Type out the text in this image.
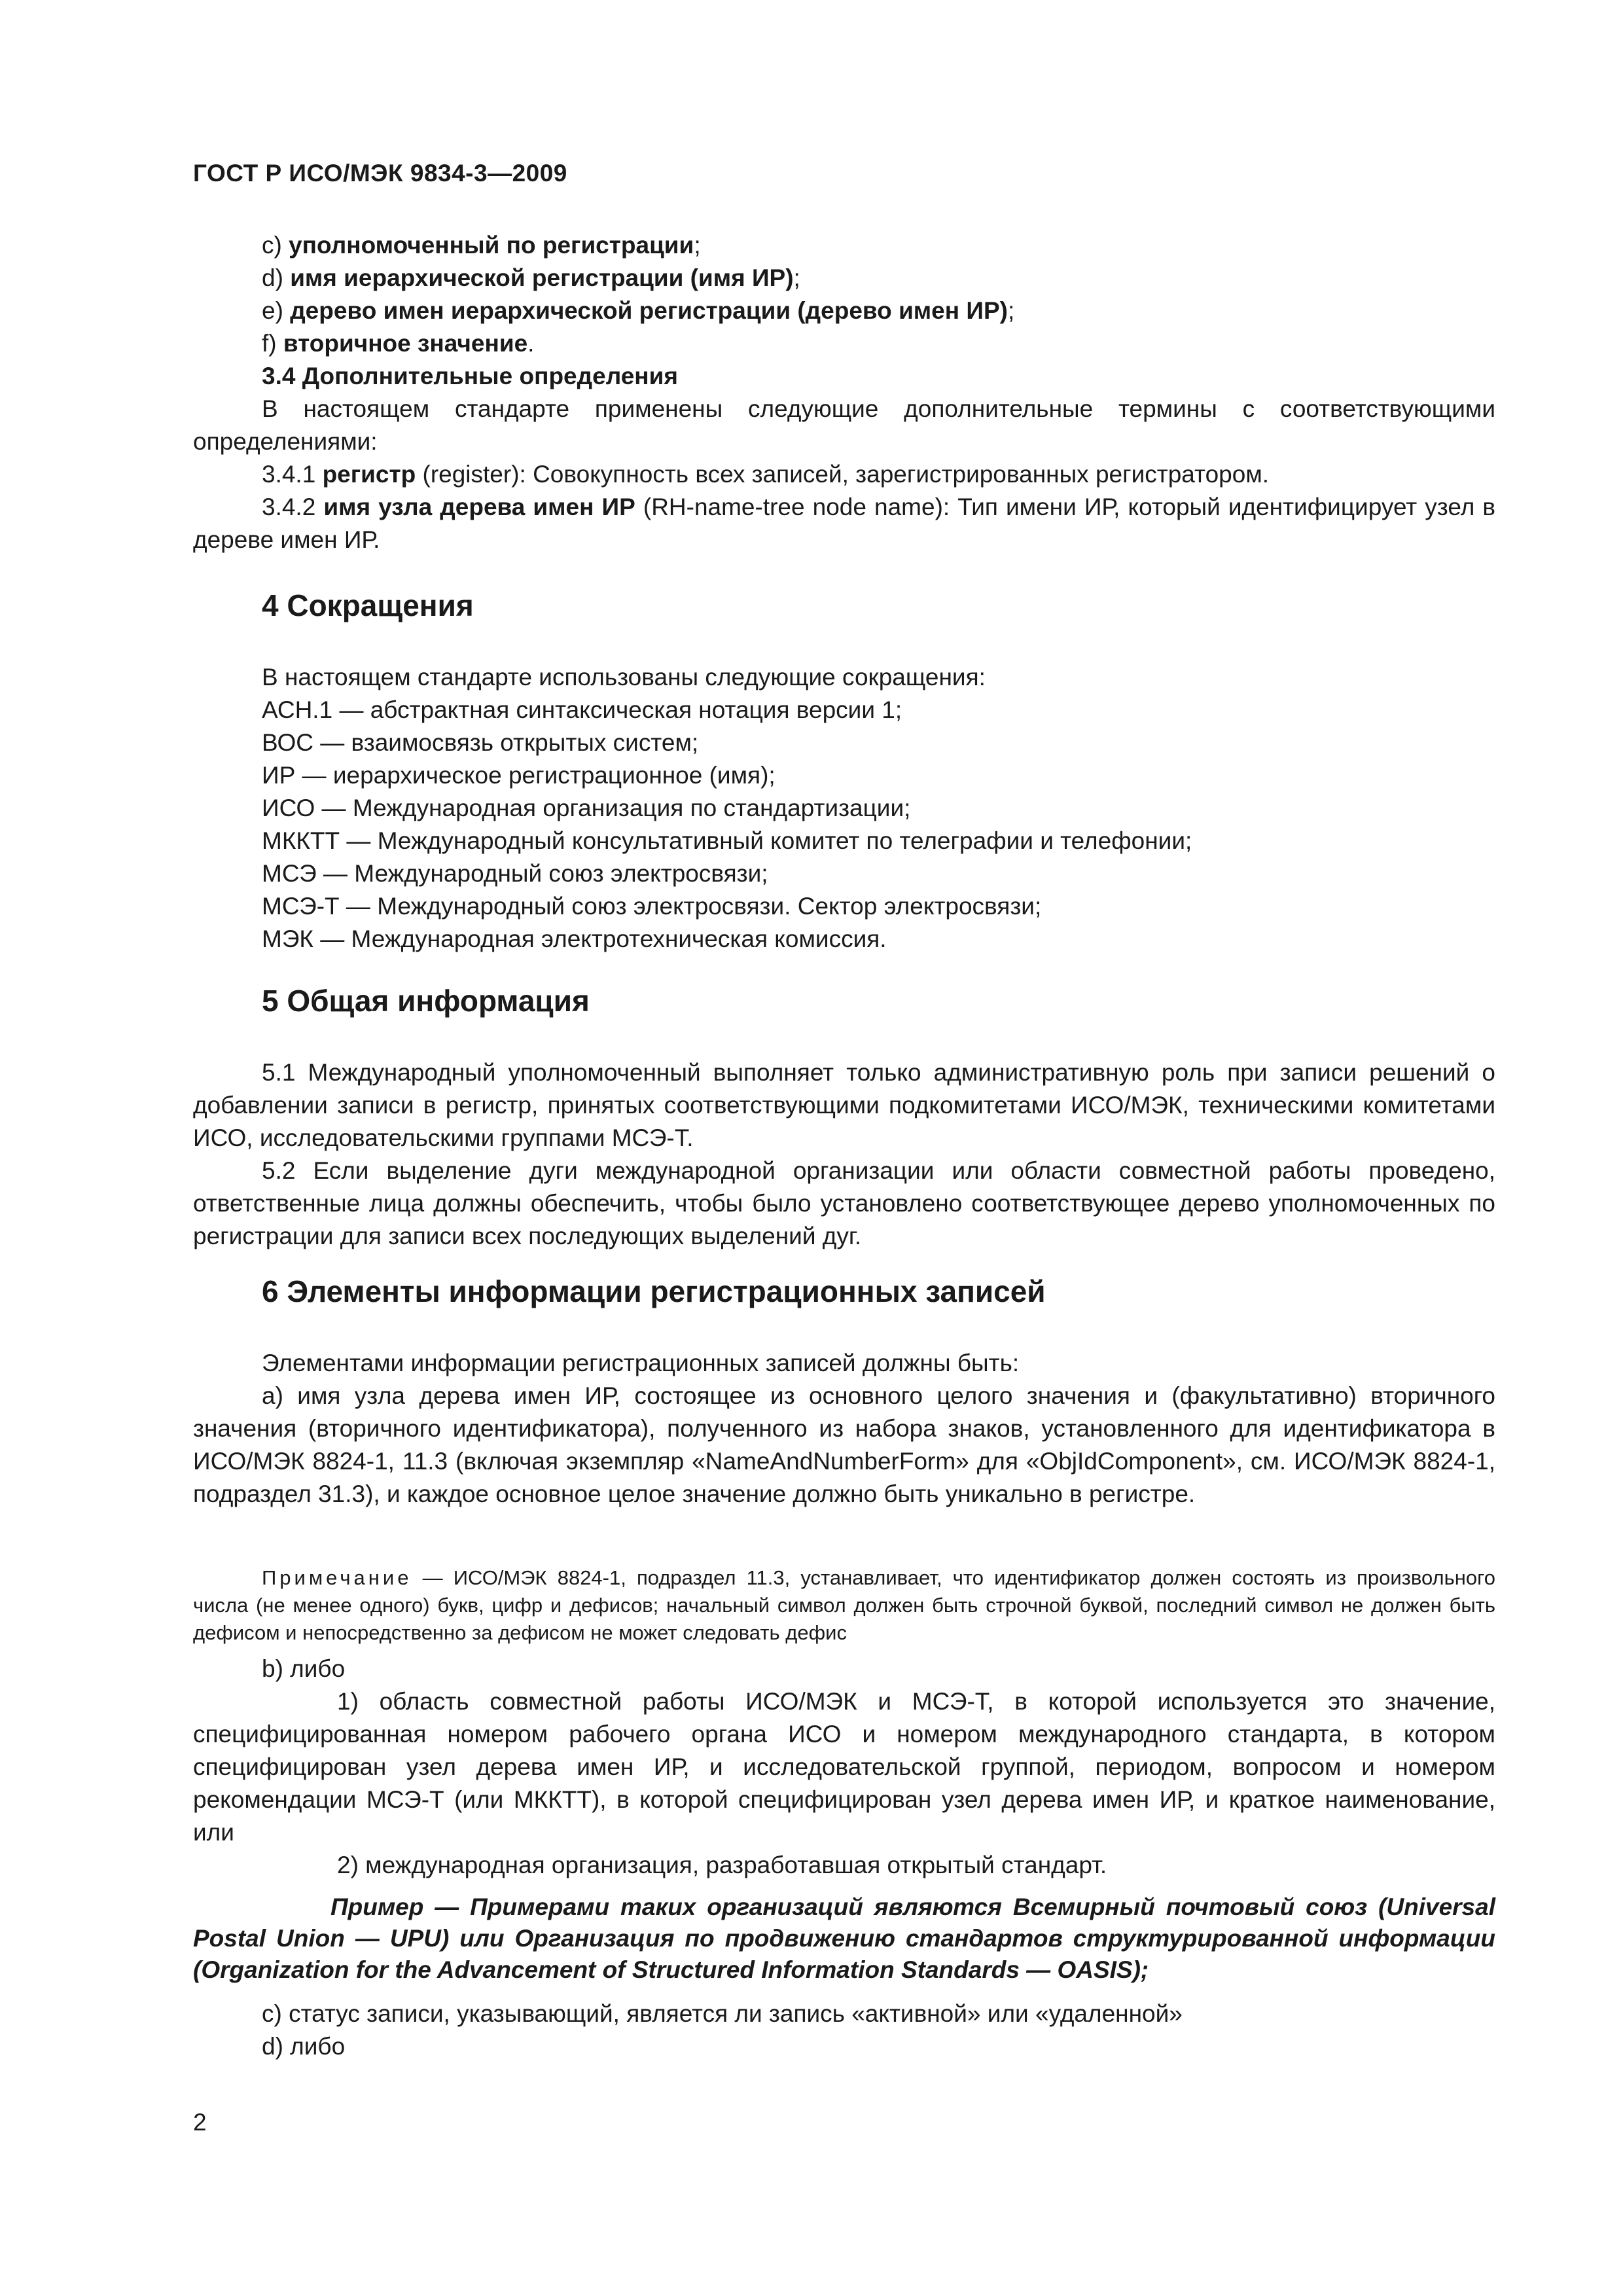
ГОСТ Р ИСО/МЭК 9834-3—2009

c) уполномоченный по регистрации;

d) имя иерархической регистрации (имя ИР);

e) дерево имен иерархической регистрации (дерево имен ИР);

f) вторичное значение.

3.4 Дополнительные определения

В настоящем стандарте применены следующие дополнительные термины с соответствующими определениями:

3.4.1 регистр (register): Совокупность всех записей, зарегистрированных регистратором.

3.4.2 имя узла дерева имен ИР (RH-name-tree node name): Тип имени ИР, который идентифицирует узел в дереве имен ИР.

4 Сокращения

В настоящем стандарте использованы следующие сокращения:

АСН.1 — абстрактная синтаксическая нотация версии 1;

ВОС — взаимосвязь открытых систем;

ИР — иерархическое регистрационное (имя);

ИСО — Международная организация по стандартизации;

МККТТ — Международный консультативный комитет по телеграфии и телефонии;

МСЭ — Международный союз электросвязи;

МСЭ-Т — Международный союз электросвязи. Сектор электросвязи;

МЭК — Международная электротехническая комиссия.

5 Общая информация

5.1 Международный уполномоченный выполняет только административную роль при записи решений о добавлении записи в регистр, принятых соответствующими подкомитетами ИСО/МЭК, техническими комитетами ИСО, исследовательскими группами МСЭ-Т.

5.2 Если выделение дуги международной организации или области совместной работы проведено, ответственные лица должны обеспечить, чтобы было установлено соответствующее дерево уполномоченных по регистрации для записи всех последующих выделений дуг.

6 Элементы информации регистрационных записей

Элементами информации регистрационных записей должны быть:

а) имя узла дерева имен ИР, состоящее из основного целого значения и (факультативно) вторичного значения (вторичного идентификатора), полученного из набора знаков, установленного для идентификатора в ИСО/МЭК 8824-1, 11.3 (включая экземпляр «NameAndNumberForm» для «ObjIdComponent», см. ИСО/МЭК 8824-1, подраздел 31.3), и каждое основное целое значение должно быть уникально в регистре.

Примечание — ИСО/МЭК 8824-1, подраздел 11.3, устанавливает, что идентификатор должен состоять из произвольного числа (не менее одного) букв, цифр и дефисов; начальный символ должен быть строчной буквой, последний символ не должен быть дефисом и непосредственно за дефисом не может следовать дефис

b) либо

1) область совместной работы ИСО/МЭК и МСЭ-Т, в которой используется это значение, специфицированная номером рабочего органа ИСО и номером международного стандарта, в котором специфицирован узел дерева имен ИР, и исследовательской группой, периодом, вопросом и номером рекомендации МСЭ-Т (или МККТТ), в которой специфицирован узел дерева имен ИР, и краткое наименование, или

2) международная организация, разработавшая открытый стандарт.

Пример — Примерами таких организаций являются Всемирный почтовый союз (Universal Postal Union — UPU) или Организация по продвижению стандартов структурированной информации (Organization for the Advancement of Structured Information Standards — OASIS);

с) статус записи, указывающий, является ли запись «активной» или «удаленной»

d) либо

2
